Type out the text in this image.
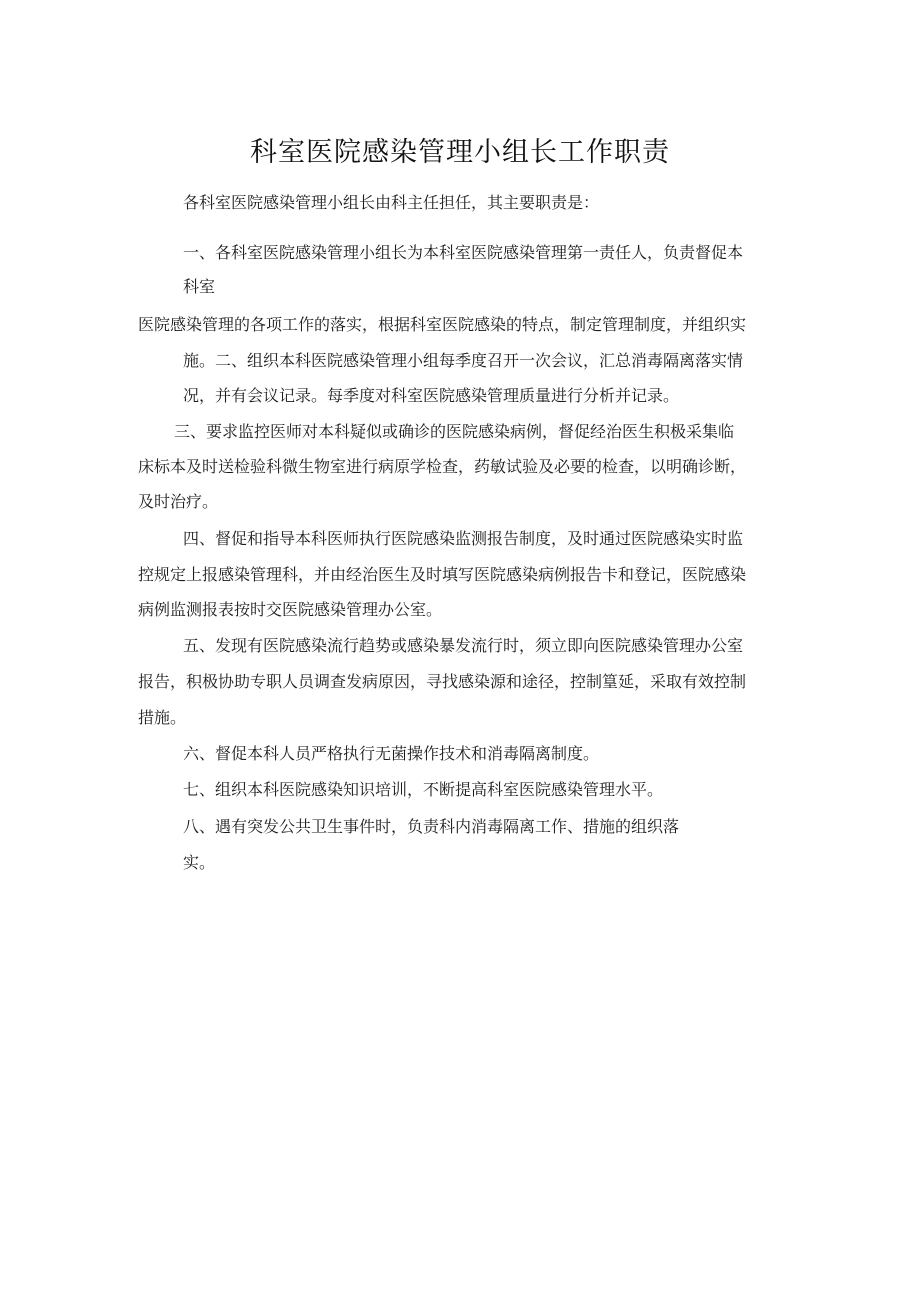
科室医院感染管理小组长工作职责
各科室医院感染管理小组长由科主任担任，其主要职责是：
一、各科室医院感染管理小组长为本科室医院感染管理第一责任人，负责督促本
科室
医院感染管理的各项工作的落实，根据科室医院感染的特点，制定管理制度，并组织实
施。二、组织本科医院感染管理小组每季度召开一次会议，汇总消毒隔离落实情
况，并有会议记录。每季度对科室医院感染管理质量进行分析并记录。
三、要求监控医师对本科疑似或确诊的医院感染病例，督促经治医生积极采集临
床标本及时送检验科微生物室进行病原学检查，药敏试验及必要的检查，以明确诊断，
及时治疗。
四、督促和指导本科医师执行医院感染监测报告制度，及时通过医院感染实时监
控规定上报感染管理科，并由经治医生及时填写医院感染病例报告卡和登记，医院感染
病例监测报表按时交医院感染管理办公室。
五、发现有医院感染流行趋势或感染暴发流行时，须立即向医院感染管理办公室
报告，积极协助专职人员调查发病原因，寻找感染源和途径，控制篁延，采取有效控制
措施。
六、督促本科人员严格执行无菌操作技术和消毒隔离制度。
七、组织本科医院感染知识培训，不断提高科室医院感染管理水平。
八、遇有突发公共卫生事件时，负责科内消毒隔离工作、措施的组织落
实。
